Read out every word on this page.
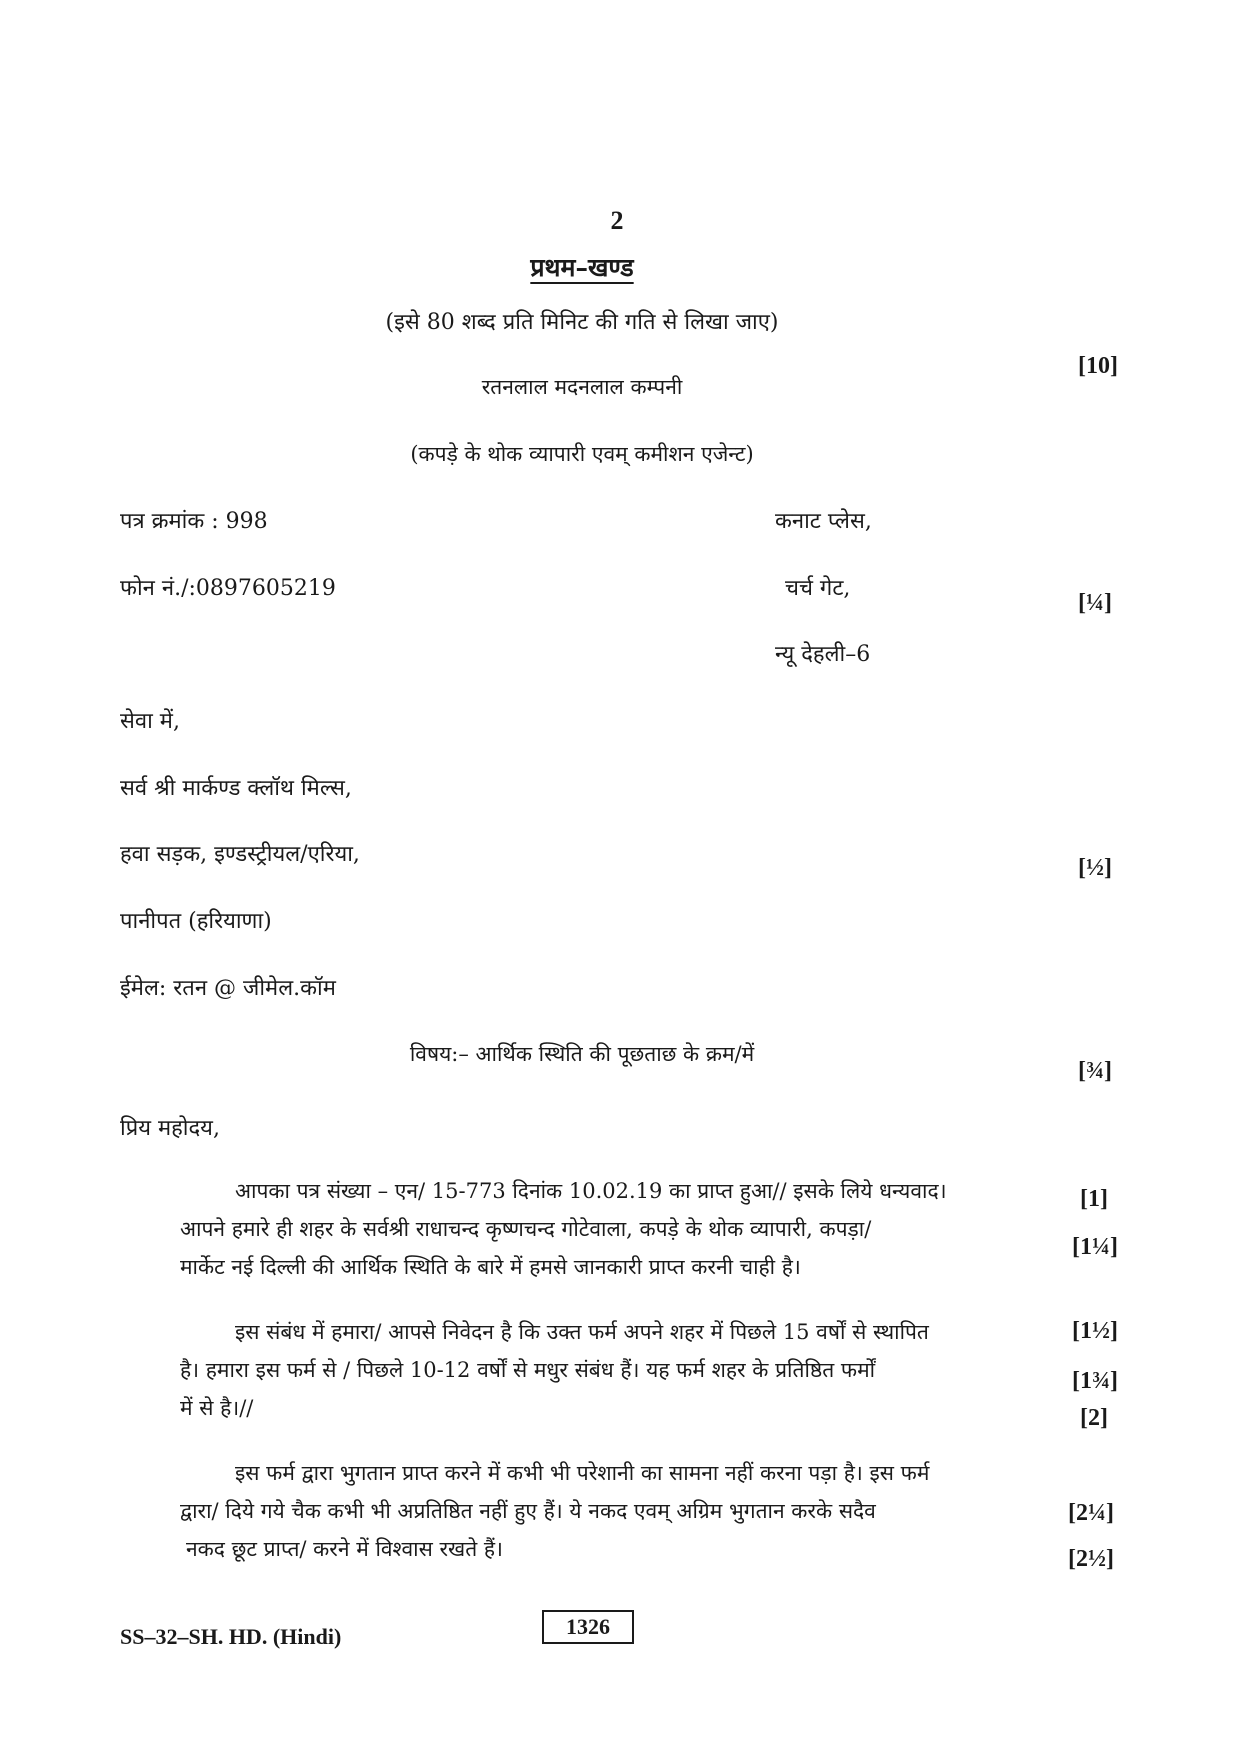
2
प्रथम–खण्ड
(इसे 80 शब्द प्रति मिनिट की गति से लिखा जाए)
[10]
रतनलाल मदनलाल कम्पनी
(कपड़े के थोक व्यापारी एवम् कमीशन एजेन्ट)
पत्र क्रमांक : 998
फोन नं./:0897605219
कनाट प्लेस,
चर्च गेट,
न्यू देहली–6
[¼]
सेवा में,
सर्व श्री मार्कण्ड क्लॉथ मिल्स,
हवा सड़क, इण्डस्ट्रीयल/एरिया,
पानीपत (हरियाणा)
ईमेल: रतन @ जीमेल.कॉम
[½]
विषय:– आर्थिक स्थिति की पूछताछ के क्रम/में
[¾]
प्रिय महोदय,
आपका पत्र संख्या – एन/ 15-773 दिनांक 10.02.19 का प्राप्त हुआ// इसके लिये धन्यवाद।
आपने हमारे ही शहर के सर्वश्री राधाचन्द कृष्णचन्द गोटेवाला, कपड़े के थोक व्यापारी, कपड़ा/
मार्केट नई दिल्ली की आर्थिक स्थिति के बारे में हमसे जानकारी प्राप्त करनी चाही है।
[1]
[1¼]
इस संबंध में हमारा/ आपसे निवेदन है कि उक्त फर्म अपने शहर में पिछले 15 वर्षों से स्थापित
है। हमारा इस फर्म से / पिछले 10-12 वर्षों से मधुर संबंध हैं। यह फर्म शहर के प्रतिष्ठित फर्मों
में से है।//
[1½]
[1¾]
[2]
इस फर्म द्वारा भुगतान प्राप्त करने में कभी भी परेशानी का सामना नहीं करना पड़ा है। इस फर्म
द्वारा/ दिये गये चैक कभी भी अप्रतिष्ठित नहीं हुए हैं। ये नकद एवम् अग्रिम भुगतान करके सदैव
नकद छूट प्राप्त/ करने में विश्वास रखते हैं।
[2¼]
[2½]
SS–32–SH. HD. (Hindi)	1326
